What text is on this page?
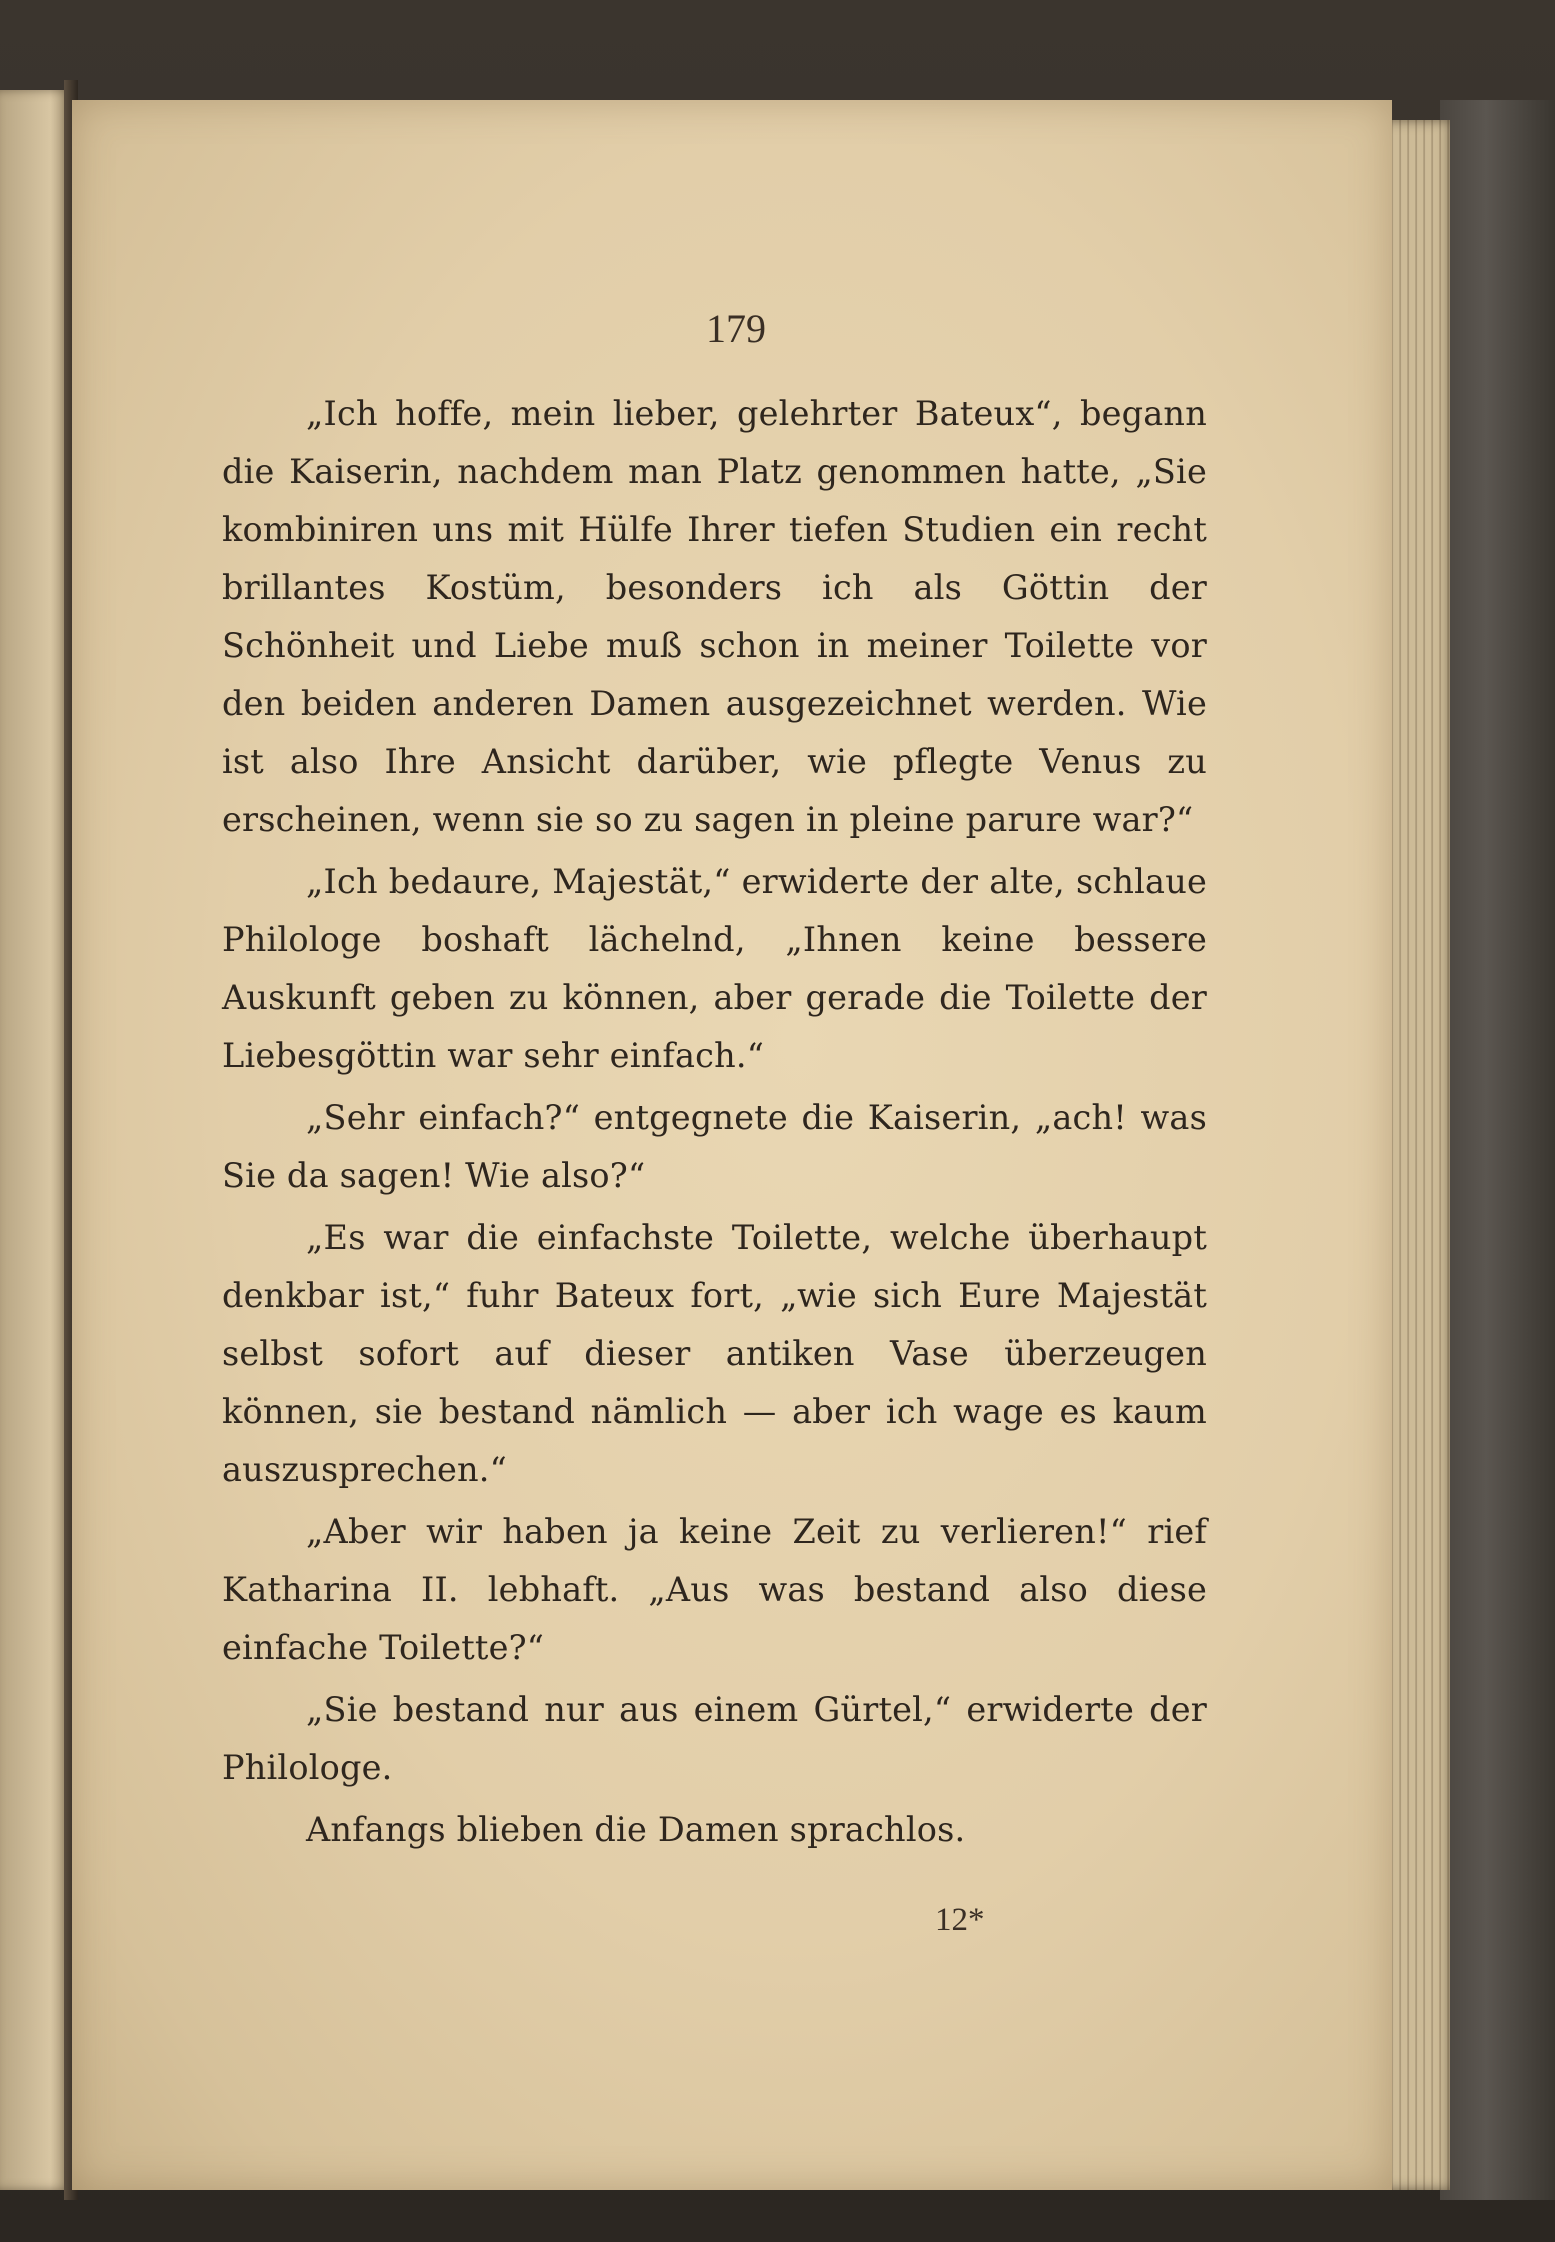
179

„Ich hoffe, mein lieber, gelehrter Bateux“, begann die Kaiserin, nachdem man Platz genommen hatte, „Sie kombiniren uns mit Hülfe Ihrer tiefen Studien ein recht brillantes Kostüm, besonders ich als Göttin der Schönheit und Liebe muß schon in meiner Toilette vor den beiden anderen Damen ausgezeichnet werden. Wie ist also Ihre Ansicht darüber, wie pflegte Venus zu erscheinen, wenn sie so zu sagen in pleine parure war?“

„Ich bedaure, Majestät,“ erwiderte der alte, schlaue Philologe boshaft lächelnd, „Ihnen keine bessere Auskunft geben zu können, aber gerade die Toilette der Liebesgöttin war sehr einfach.“

„Sehr einfach?“ entgegnete die Kaiserin, „ach! was Sie da sagen! Wie also?“

„Es war die einfachste Toilette, welche überhaupt denkbar ist,“ fuhr Bateux fort, „wie sich Eure Majestät selbst sofort auf dieser antiken Vase überzeugen können, sie bestand nämlich — aber ich wage es kaum auszusprechen.“

„Aber wir haben ja keine Zeit zu verlieren!“ rief Katharina II. lebhaft. „Aus was bestand also diese einfache Toilette?“

„Sie bestand nur aus einem Gürtel,“ erwiderte der Philologe.

Anfangs blieben die Damen sprachlos.

12*
